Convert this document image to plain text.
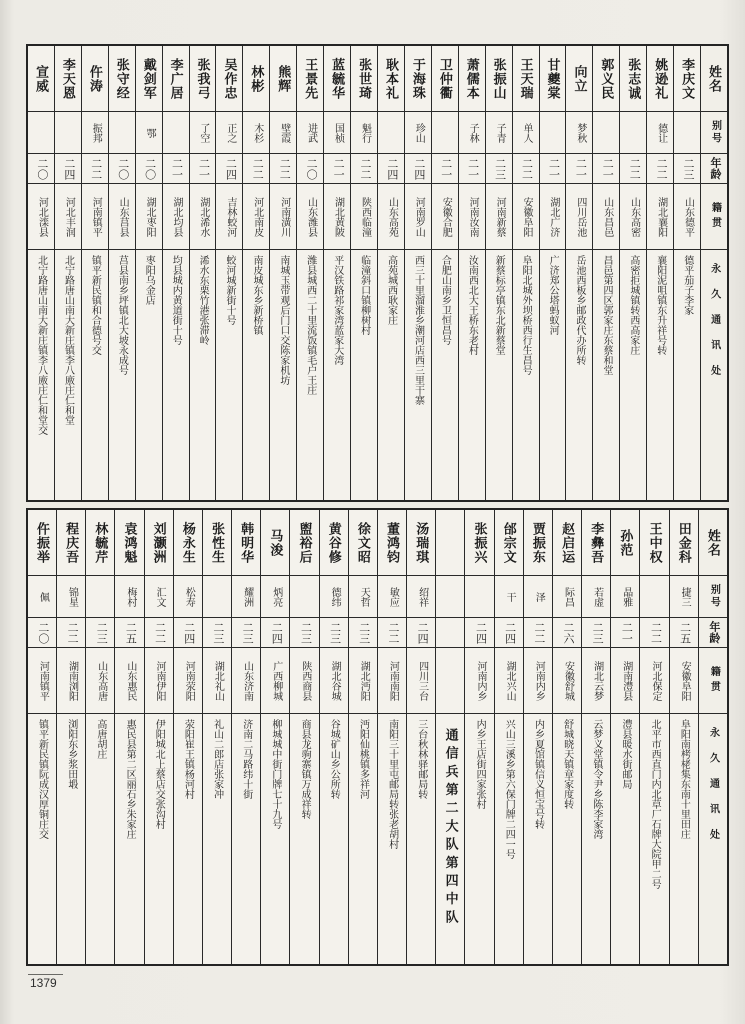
姓名
别号
年龄
籍贯
永久通讯处
李庆文
二三
山东德平
德平茄子李家
姚逊礼
德让
二二
湖北襄阳
襄阳泥咀镇东升祥号转
张志诚
二二
山东高密
高密拒城镇转西高家庄
郭义民
二一
山东昌邑
昌邑第四区郭家庄东蔡和堂
向立
梦秋
二一
四川岳池
岳池西板乡邮政代办所转
甘夔棠
二一
湖北广济
广济郑公塔蚂蚁河
王天瑞
单人
二二
安徽阜阳
阜阳北城外坝桥西行生昌号
张振山
子青
二三
河南新蔡
新蔡标亭镇东北新蔡堂
萧儒本
子林
二一
河南汝南
汝南西北大王桥东老村
卫仲衢
二一
安徽合肥
合肥山南乡卫恒昌号
于海珠
珍山
二四
河南罗山
西三十里溜淮乡潮河店西三里干寨
耿本礼
二四
山东高苑
高苑城西耿家庄
张世琦
魁行
二二
陕西临潼
临潼斜口镇柳树村
蓝毓华
国桢
二一
湖北黄陂
平汉铁路祁家湾蓝家大湾
王景先
进武
二〇
山东潍县
潍县城西二十里流饭镇毛户王庄
熊辉
壁霞
二二
河南潢川
南城玉带观后门口交陈家机坊
林彬
木杉
二二
河北南皮
南皮城东乡新桥镇
吴作忠
正之
二四
吉林蛟河
蛟河城新街十号
张我弓
了空
二一
湖北浠水
浠水东栗竹港张滞岭
李广居
二一
湖北均县
均县城内黄道街十号
戴剑军
鄂
二〇
湖北枣阳
枣阳乌金店
张守经
二〇
山东莒县
莒县南乡坪镇北大坡永成号
仵涛
振邦
二二
河南镇平
镇平新民镇和合德号交
李天恩
二四
河北丰润
北宁路唐山南大新庄镇李八廒庄仁和堂
宣威
二〇
河北滦县
北宁路唐山南大新庄镇李八廒庄仁和堂交
姓名
别号
年龄
籍贯
永久通讯处
田金科
捷三
二五
安徽阜阳
阜阳南栲栳集东南十里田庄
王中权
二二
河北保定
北平市西直门内北草厂石牌大院甲二号
孙范
晶雅
二一
湖南澧县
澧县暖水街邮局
李彝吾
若虚
二三
湖北云梦
云梦义堂镇令尹乡陈李家湾
赵启运
际昌
二六
安徽舒城
舒城晓天镇章家度转
贾振东
泽
二二
河南内乡
内乡夏馆镇信义恒宝号转
邰宗文
干
二四
湖北兴山
兴山三溪乡第六保门牌二四一号
张振兴
二四
河南内乡
内乡王店街四家张村
通信兵第二大队第四中队
汤瑞琪
绍祥
二四
四川三台
三台秋林驿邮局转
董鸿钧
敏应
二二
河南南阳
南阳三十里屯邮局转张老胡村
徐文昭
天哲
二三
湖北沔阳
沔阳仙桃镇多祥河
黄谷修
德纬
二三
湖北谷城
谷城矿山乡公所转
盥裕后
二三
陕西商县
商县龙驹寨镇万成祥转
马浚
炳亮
二四
广西柳城
柳城城中街门牌七十九号
韩明华
耀洲
二三
山东济南
济南二马路纬十街
张性生
二三
湖北礼山
礼山二郎店张家冲
杨永生
松寿
二四
河南荥阳
荥阳崔王镇杨河村
刘灏洲
汇文
二二
河南伊阳
伊阳城北上蔡店交张沟村
袁鸿魁
梅村
二五
山东惠民
惠民县第二区丽石乡朱家庄
林毓芹
二三
山东高唐
高唐胡庄
程庆吾
锦星
二二
湖南浏阳
浏阳东乡浆田塅
仵振举
佩
二〇
河南镇平
镇平新民镇阮成汉厚铜庄交
1379
